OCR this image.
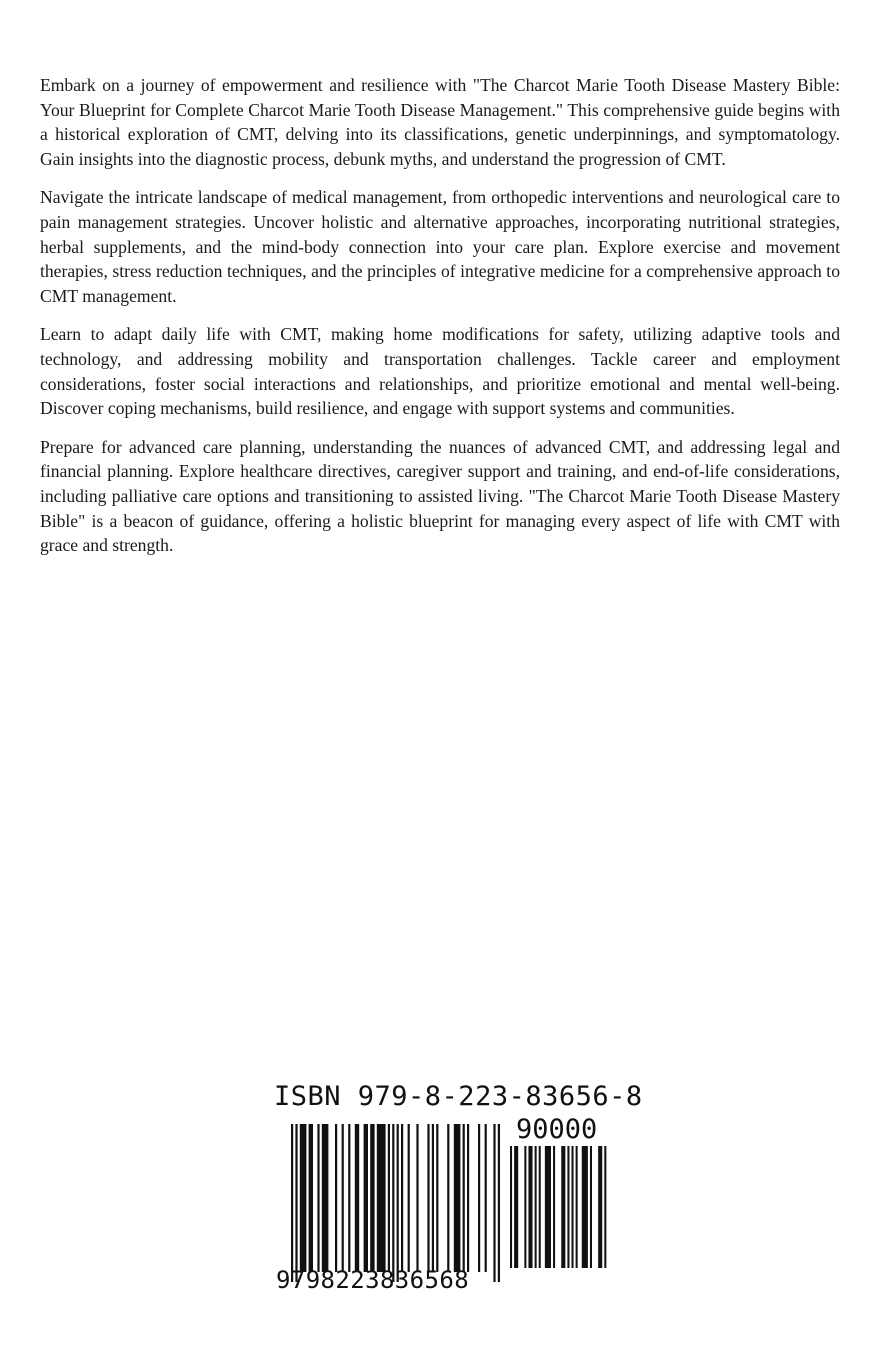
Embark on a journey of empowerment and resilience with "The Charcot Marie Tooth Disease Mastery Bible: Your Blueprint for Complete Charcot Marie Tooth Disease Management." This comprehensive guide begins with a historical exploration of CMT, delving into its classifications, genetic underpinnings, and symptomatology. Gain insights into the diagnostic process, debunk myths, and understand the progression of CMT.

Navigate the intricate landscape of medical management, from orthopedic interventions and neurological care to pain management strategies. Uncover holistic and alternative approaches, incorporating nutritional strategies, herbal supplements, and the mind-body connection into your care plan. Explore exercise and movement therapies, stress reduction techniques, and the principles of integrative medicine for a comprehensive approach to CMT management.

Learn to adapt daily life with CMT, making home modifications for safety, utilizing adaptive tools and technology, and addressing mobility and transportation challenges. Tackle career and employment considerations, foster social interactions and relationships, and prioritize emotional and mental well-being. Discover coping mechanisms, build resilience, and engage with support systems and communities.

Prepare for advanced care planning, understanding the nuances of advanced CMT, and addressing legal and financial planning. Explore healthcare directives, caregiver support and training, and end-of-life considerations, including palliative care options and transitioning to assisted living. "The Charcot Marie Tooth Disease Mastery Bible" is a beacon of guidance, offering a holistic blueprint for managing every aspect of life with CMT with grace and strength.

ISBN 979-8-223-83656-8
90000
9798223836568
